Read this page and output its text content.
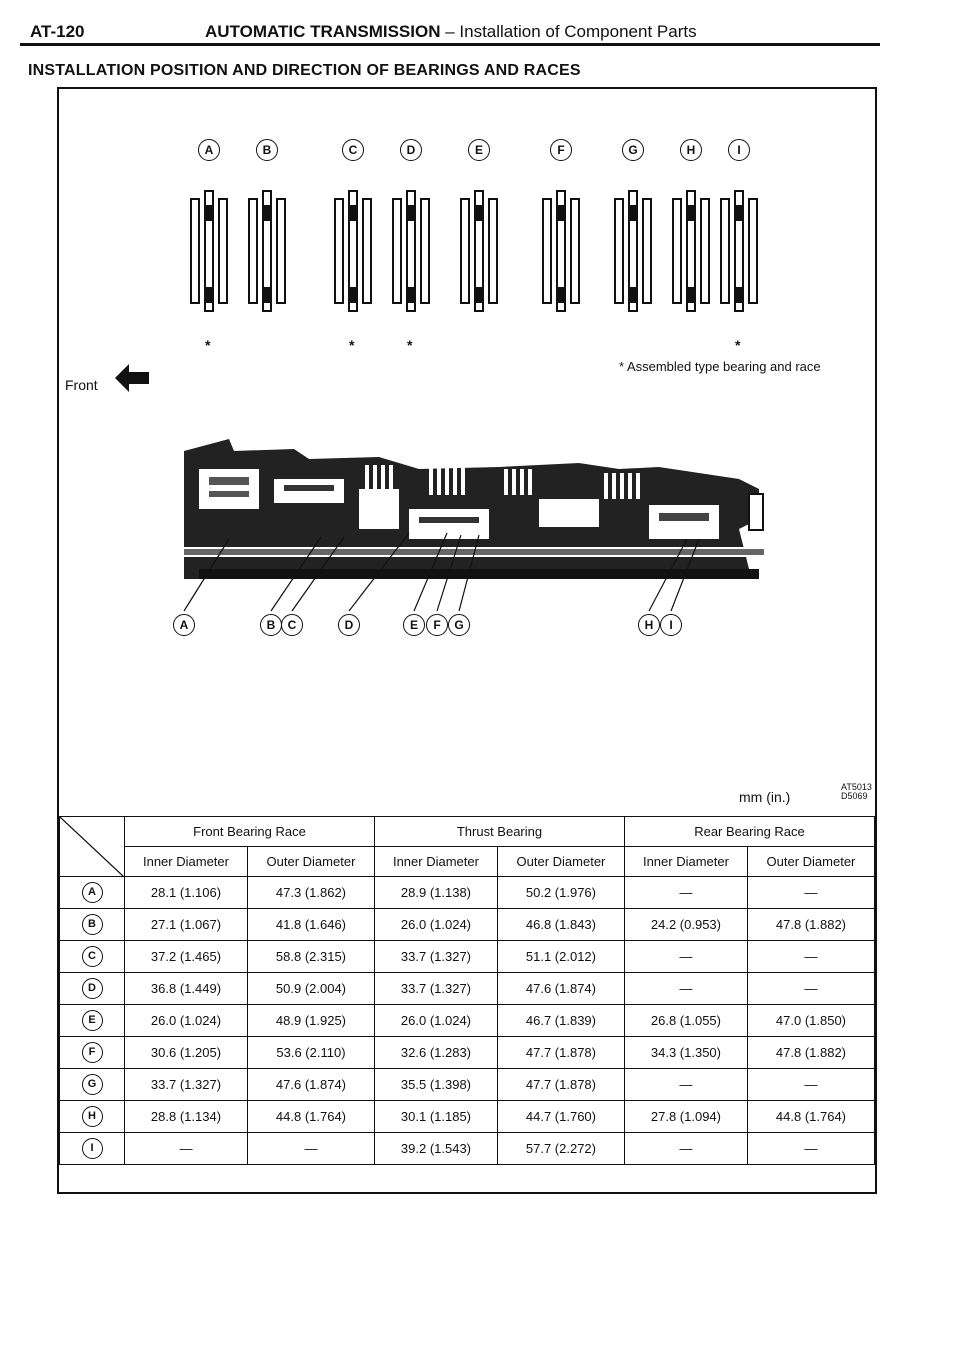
AT-120	AUTOMATIC TRANSMISSION – Installation of Component Parts
INSTALLATION POSITION AND DIRECTION OF BEARINGS AND RACES
A	B	C	D	E	F	G	H	I
*	*	*	*
Front
* Assembled type bearing and race
A	B	C	D	E	F	G	H	I
mm (in.)
AT5013
D5069
	Front Bearing Race		Thrust Bearing		Rear Bearing Race	
	Inner Diameter	Outer Diameter	Inner Diameter	Outer Diameter	Inner Diameter	Outer Diameter
A	28.1 (1.106)	47.3 (1.862)	28.9 (1.138)	50.2 (1.976)	—	—
B	27.1 (1.067)	41.8 (1.646)	26.0 (1.024)	46.8 (1.843)	24.2 (0.953)	47.8 (1.882)
C	37.2 (1.465)	58.8 (2.315)	33.7 (1.327)	51.1 (2.012)	—	—
D	36.8 (1.449)	50.9 (2.004)	33.7 (1.327)	47.6 (1.874)	—	—
E	26.0 (1.024)	48.9 (1.925)	26.0 (1.024)	46.7 (1.839)	26.8 (1.055)	47.0 (1.850)
F	30.6 (1.205)	53.6 (2.110)	32.6 (1.283)	47.7 (1.878)	34.3 (1.350)	47.8 (1.882)
G	33.7 (1.327)	47.6 (1.874)	35.5 (1.398)	47.7 (1.878)	—	—
H	28.8 (1.134)	44.8 (1.764)	30.1 (1.185)	44.7 (1.760)	27.8 (1.094)	44.8 (1.764)
I	—	—	39.2 (1.543)	57.7 (2.272)	—	—
